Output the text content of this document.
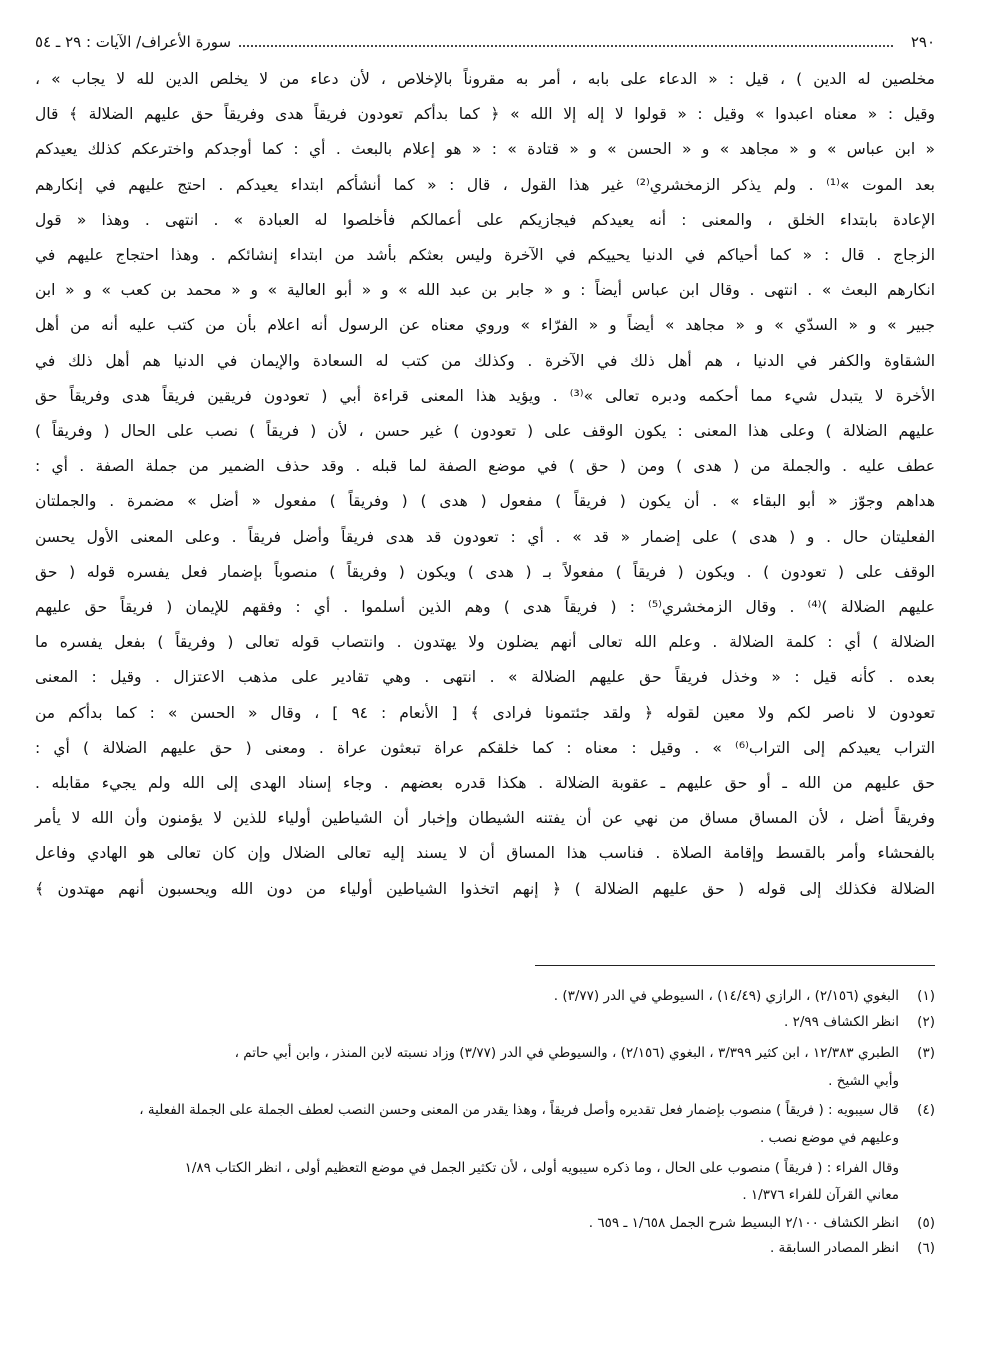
٢٩٠
سورة الأعراف/ الآيات : ٢٩ ـ ٥٤
مخلصين له الدين ) ، قيل : « الدعاء على بابه ، أمر به مقروناً بالإخلاص ، لأن دعاء من لا يخلص الدين لله لا يجاب » ،
وقيل : « معناه اعبدوا » وقيل : « قولوا لا إله إلا الله » ﴿ كما بدأكم تعودون فريقاً هدى وفريقاً حق عليهم الضلالة ﴾ قال
« ابن عباس » و « مجاهد » و « الحسن » و « قتادة » : « هو إعلام بالبعث . أي : كما أوجدكم واخترعكم كذلك يعيدكم
بعد الموت »⁽¹⁾ . ولم يذكر الزمخشري⁽²⁾ غير هذا القول ، قال : « كما أنشأكم ابتداء يعيدكم . احتج عليهم في إنكارهم
الإعادة بابتداء الخلق ، والمعنى : أنه يعيدكم فيجازيكم على أعمالكم فأخلصوا له العبادة » . انتهى . وهذا « قول
الزجاج . قال : « كما أحياكم في الدنيا يحييكم في الآخرة وليس بعثكم بأشد من ابتداء إنشائكم . وهذا احتجاج عليهم في
انكارهم البعث » . انتهى . وقال ابن عباس أيضاً : و « جابر بن عبد الله » و « أبو العالية » و « محمد بن كعب » و « ابن
جبير » و « السدّي » و « مجاهد » أيضاً و « الفرّاء » وروي معناه عن الرسول أنه اعلام بأن من كتب عليه أنه من أهل
الشقاوة والكفر في الدنيا ، هم أهل ذلك في الآخرة . وكذلك من كتب له السعادة والإيمان في الدنيا هم أهل ذلك في
الأخرة لا يتبدل شيء مما أحكمه ودبره تعالى »⁽³⁾ . ويؤيد هذا المعنى قراءة أبي ( تعودون فريقين فريقاً هدى وفريقاً حق
عليهم الضلالة ) وعلى هذا المعنى : يكون الوقف على ( تعودون ) غير حسن ، لأن ( فريقاً ) نصب على الحال ( وفريقاً )
عطف عليه . والجملة من ( هدى ) ومن ( حق ) في موضع الصفة لما قبله . وقد حذف الضمير من جملة الصفة . أي :
هداهم وجوّز « أبو البقاء » . أن يكون ( فريقاً ) مفعول ( هدى ) ( وفريقاً ) مفعول « أضل » مضمرة . والجملتان
الفعليتان حال . و ( هدى ) على إضمار « قد » . أي : تعودون قد هدى فريقاً وأضل فريقاً . وعلى المعنى الأول يحسن
الوقف على ( تعودون ) . ويكون ( فريقاً ) مفعولاً بـ ( هدى ) ويكون ( وفريقاً ) منصوباً بإضمار فعل يفسره قوله ( حق
عليهم الضلالة )⁽⁴⁾ . وقال الزمخشري⁽⁵⁾ : ( فريقاً هدى ) وهم الذين أسلموا . أي : وفقهم للإيمان ( فريقاً حق عليهم
الضلالة ) أي : كلمة الضلالة . وعلم الله تعالى أنهم يضلون ولا يهتدون . وانتصاب قوله تعالى ( وفريقاً ) بفعل يفسره ما
بعده . كأنه قيل : « وخذل فريقاً حق عليهم الضلالة » . انتهى . وهي تقادير على مذهب الاعتزال . وقيل : المعنى
تعودون لا ناصر لكم ولا معين لقوله ﴿ ولقد جئتمونا فرادى ﴾ [ الأنعام : ٩٤ ] ، وقال « الحسن » : كما بدأكم من
التراب يعيدكم إلى التراب⁽⁶⁾ » . وقيل : معناه : كما خلقكم عراة تبعثون عراة . ومعنى ( حق عليهم الضلالة ) أي :
حق عليهم من الله ـ أو حق عليهم ـ عقوبة الضلالة . هكذا قدره بعضهم . وجاء إسناد الهدى إلى الله ولم يجيء مقابله .
وفريقاً أضل ، لأن المساق مساق من نهي عن أن يفتنه الشيطان وإخبار أن الشياطين أولياء للذين لا يؤمنون وأن الله لا يأمر
بالفحشاء وأمر بالقسط وإقامة الصلاة . فناسب هذا المساق أن لا يسند إليه تعالى الضلال وإن كان تعالى هو الهادي وفاعل
الضلالة فكذلك إلى قوله ( حق عليهم الضلالة ) ﴿ إنهم اتخذوا الشياطين أولياء من دون الله ويحسبون أنهم مهتدون ﴾
(١)البغوي (٢/١٥٦) ، الرازي (١٤/٤٩) ، السيوطي في الدر (٣/٧٧) .
(٢)انظر الكشاف ٢/٩٩ .
(٣)الطبري ١٢/٣٨٣ ، ابن كثير ٣/٣٩٩ ، البغوي (٢/١٥٦) ، والسيوطي في الدر (٣/٧٧) وزاد نسبته لابن المنذر ، وابن أبي حاتم ،
وأبي الشيخ .
(٤)قال سيبويه : ( فريقاً ) منصوب بإضمار فعل تقديره وأصل فريقاً ، وهذا يقدر من المعنى وحسن النصب لعطف الجملة على الجملة الفعلية ،
وعليهم في موضع نصب .
وقال الفراء : ( فريقاً ) منصوب على الحال ، وما ذكره سيبويه أولى ، لأن تكثير الجمل في موضع التعظيم أولى ، انظر الكتاب ١/٨٩
معاني القرآن للفراء ١/٣٧٦ .
(٥)انظر الكشاف ٢/١٠٠ البسيط شرح الجمل ١/٦٥٨ ـ ٦٥٩ .
(٦)انظر المصادر السابقة .
